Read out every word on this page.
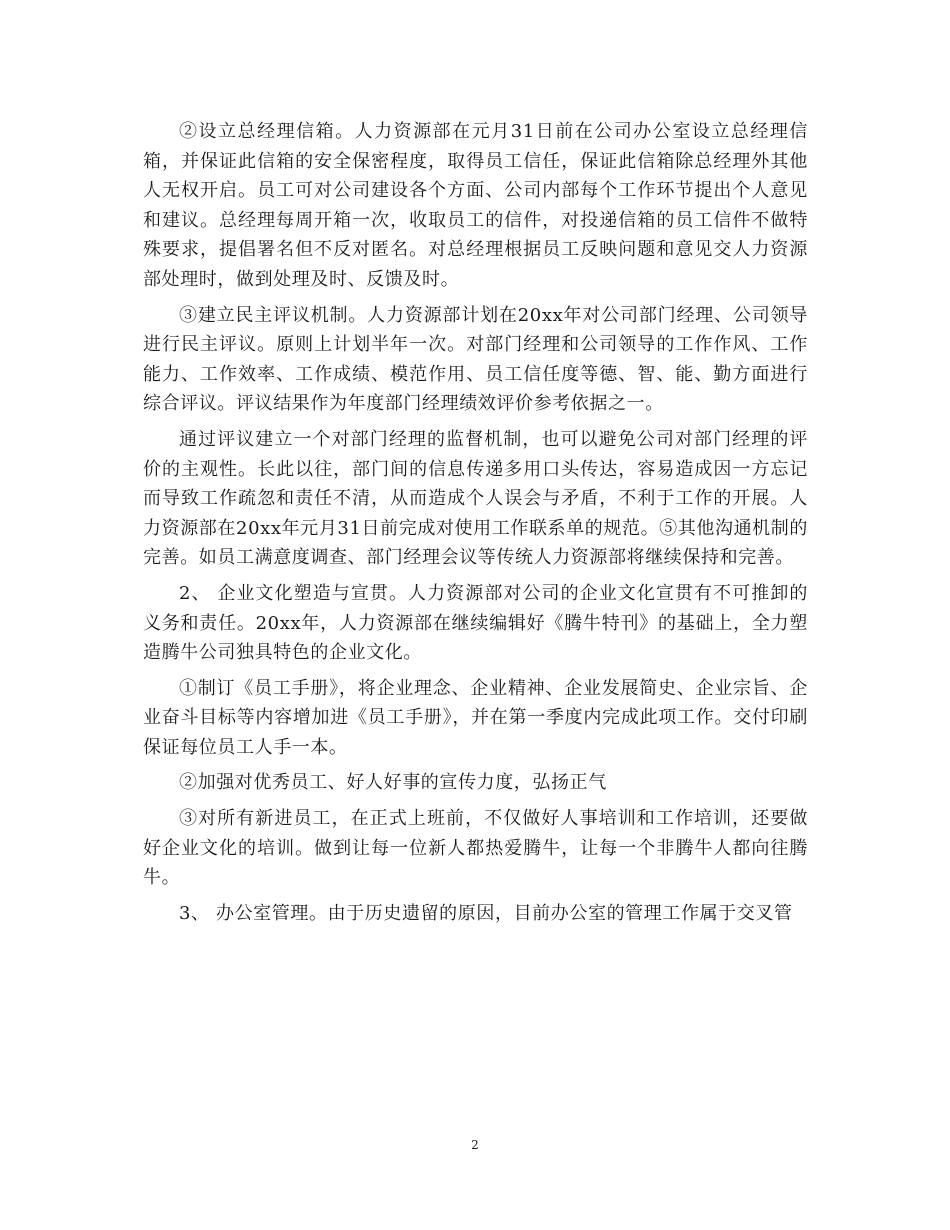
②设立总经理信箱。人力资源部在元月31日前在公司办公室设立总经理信箱，并保证此信箱的安全保密程度，取得员工信任，保证此信箱除总经理外其他人无权开启。员工可对公司建设各个方面、公司内部每个工作环节提出个人意见和建议。总经理每周开箱一次，收取员工的信件，对投递信箱的员工信件不做特殊要求，提倡署名但不反对匿名。对总经理根据员工反映问题和意见交人力资源部处理时，做到处理及时、反馈及时。

③建立民主评议机制。人力资源部计划在20xx年对公司部门经理、公司领导进行民主评议。原则上计划半年一次。对部门经理和公司领导的工作作风、工作能力、工作效率、工作成绩、模范作用、员工信任度等德、智、能、勤方面进行综合评议。评议结果作为年度部门经理绩效评价参考依据之一。

通过评议建立一个对部门经理的监督机制，也可以避免公司对部门经理的评价的主观性。长此以往，部门间的信息传递多用口头传达，容易造成因一方忘记而导致工作疏忽和责任不清，从而造成个人误会与矛盾，不利于工作的开展。人力资源部在20xx年元月31日前完成对使用工作联系单的规范。⑤其他沟通机制的完善。如员工满意度调查、部门经理会议等传统人力资源部将继续保持和完善。

2、 企业文化塑造与宣贯。人力资源部对公司的企业文化宣贯有不可推卸的义务和责任。20xx年，人力资源部在继续编辑好《腾牛特刊》的基础上，全力塑造腾牛公司独具特色的企业文化。

①制订《员工手册》，将企业理念、企业精神、企业发展简史、企业宗旨、企业奋斗目标等内容增加进《员工手册》，并在第一季度内完成此项工作。交付印刷保证每位员工人手一本。

②加强对优秀员工、好人好事的宣传力度，弘扬正气

③对所有新进员工，在正式上班前，不仅做好人事培训和工作培训，还要做好企业文化的培训。做到让每一位新人都热爱腾牛，让每一个非腾牛人都向往腾牛。

3、 办公室管理。由于历史遗留的原因，目前办公室的管理工作属于交叉管

2
